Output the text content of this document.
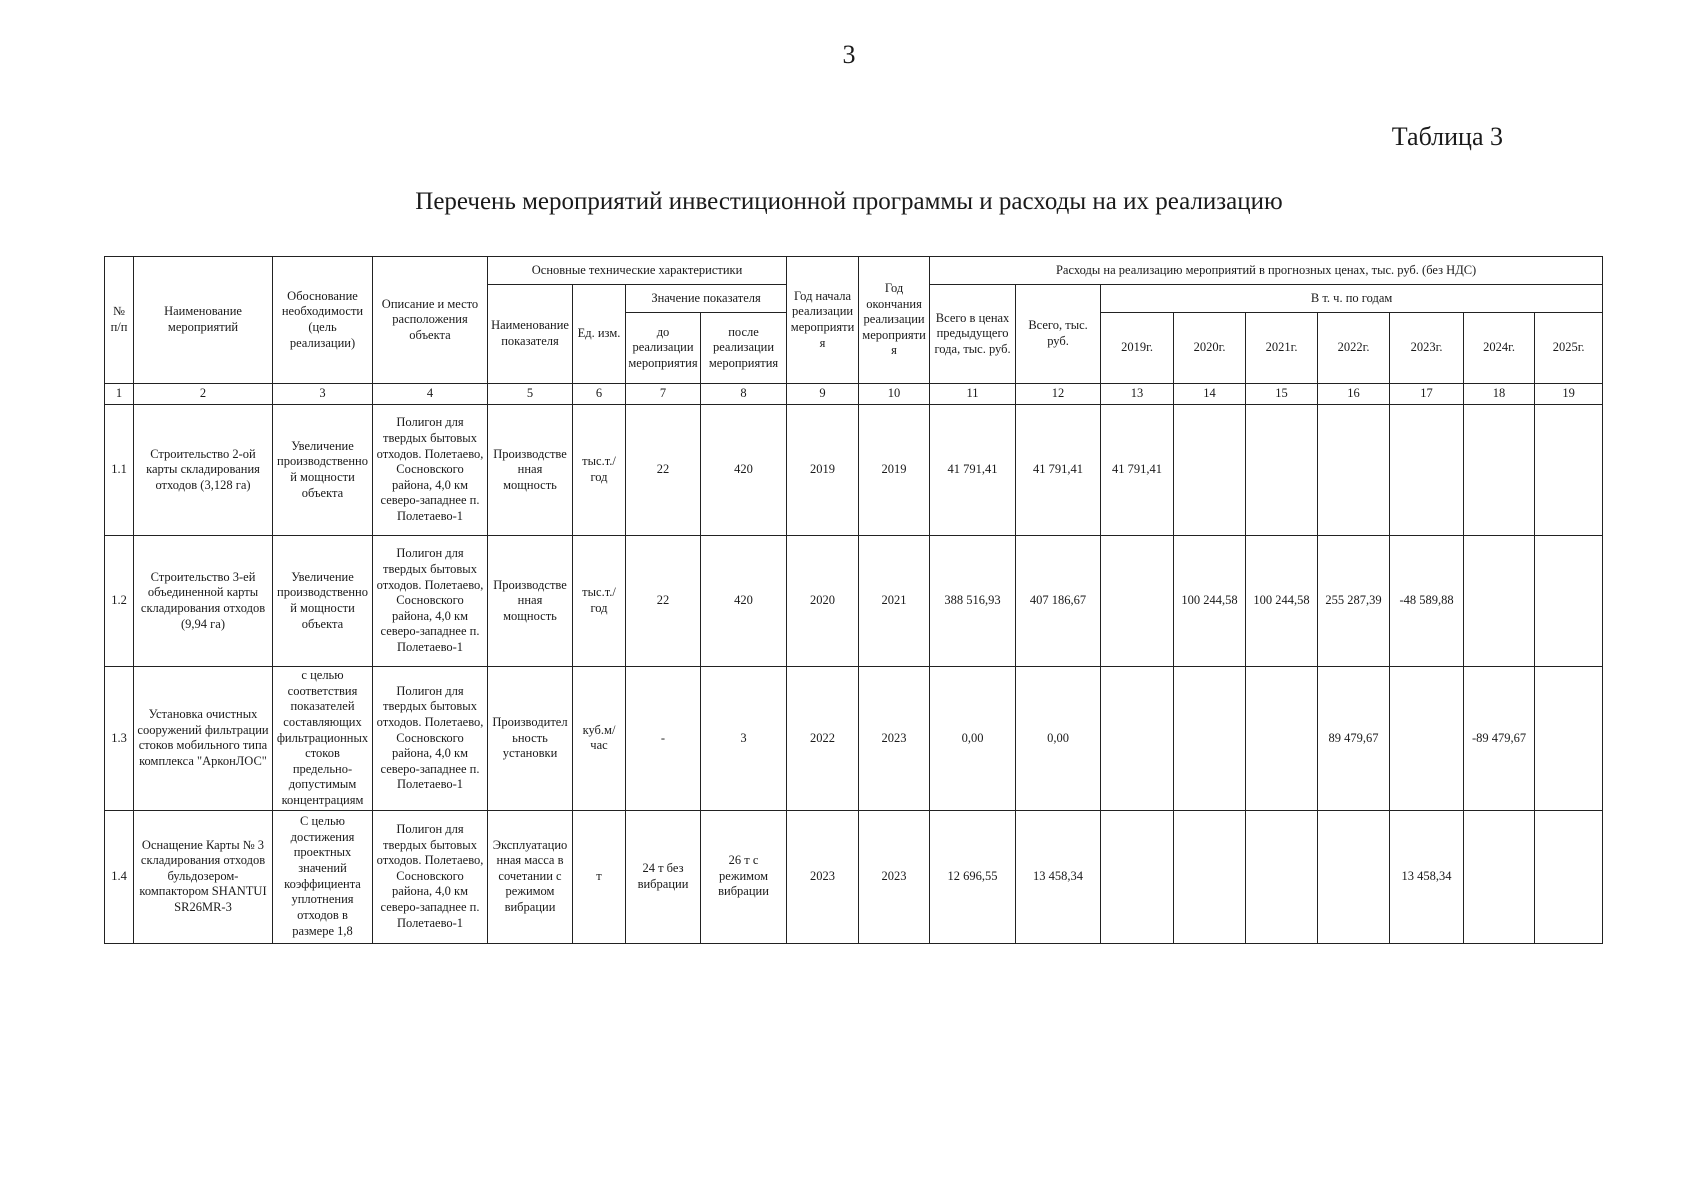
3
Таблица 3
Перечень мероприятий инвестиционной программы и расходы на их реализацию
№ п/п	Наименование мероприятий	Обоснование необходимости (цель реализации)	Описание и место расположения объекта	Основные технические характеристики				Год начала реализации мероприятия	Год окончания реализации мероприятия	Расходы на реализацию мероприятий в прогнозных ценах, тыс. руб. (без НДС)								
				Наименование показателя	Ед. изм.	Значение показателя				Всего в ценах предыдущего года, тыс. руб.	Всего, тыс. руб.	В т. ч. по годам						
						до реализации мероприятия	после реализации мероприятия					2019г.	2020г.	2021г.	2022г.	2023г.	2024г.	2025г.
1	2	3	4	5	6	7	8	9	10	11	12	13	14	15	16	17	18	19
1.1	Строительство 2-ой карты складирования отходов (3,128 га)	Увеличение производственной мощности объекта	Полигон для твердых бытовых отходов. Полетаево, Сосновского района, 4,0 км северо-западнее п. Полетаево-1	Производственная мощность	тыс.т./год	22	420	2019	2019	41 791,41	41 791,41	41 791,41						
1.2	Строительство 3-ей объединенной карты складирования отходов (9,94 га)	Увеличение производственной мощности объекта	Полигон для твердых бытовых отходов. Полетаево, Сосновского района, 4,0 км северо-западнее п. Полетаево-1	Производственная мощность	тыс.т./год	22	420	2020	2021	388 516,93	407 186,67		100 244,58	100 244,58	255 287,39	-48 589,88		
1.3	Установка очистных сооружений фильтрации стоков мобильного типа комплекса "АрконЛОС"	с целью соответствия показателей составляющих фильтрационных стоков предельно-допустимым концентрациям	Полигон для твердых бытовых отходов. Полетаево, Сосновского района, 4,0 км северо-западнее п. Полетаево-1	Производительность установки	куб.м/час	-	3	2022	2023	0,00	0,00				89 479,67		-89 479,67	
1.4	Оснащение Карты № 3 складирования отходов бульдозером-компактором SHANTUI SR26MR-3	С целью достижения проектных значений коэффициента уплотнения отходов в размере 1,8	Полигон для твердых бытовых отходов. Полетаево, Сосновского района, 4,0 км северо-западнее п. Полетаево-1	Эксплуатационная масса в сочетании с режимом вибрации	т	24 т без вибрации	26 т с режимом вибрации	2023	2023	12 696,55	13 458,34					13 458,34		
